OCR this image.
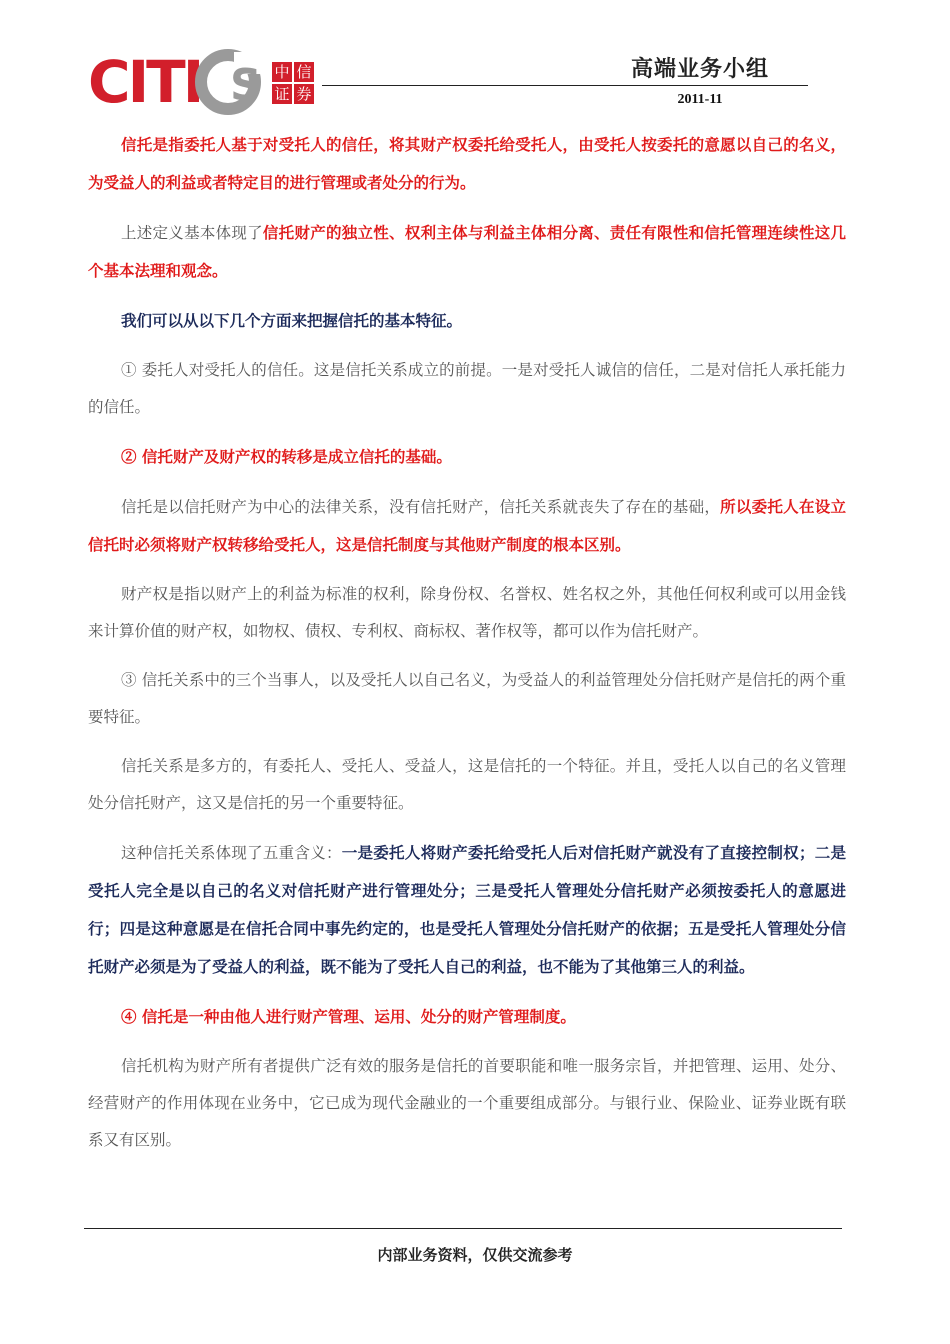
CITI S 中 信
证 券
高端业务小组
2011-11

信托是指委托人基于对受托人的信任，将其财产权委托给受托人，由受托人按委托的意愿以自己的名义，为受益人的利益或者特定目的进行管理或者处分的行为。

上述定义基本体现了信托财产的独立性、权利主体与利益主体相分离、责任有限性和信托管理连续性这几个基本法理和观念。

我们可以从以下几个方面来把握信托的基本特征。

① 委托人对受托人的信任。这是信托关系成立的前提。一是对受托人诚信的信任，二是对信托人承托能力的信任。

② 信托财产及财产权的转移是成立信托的基础。

信托是以信托财产为中心的法律关系，没有信托财产，信托关系就丧失了存在的基础，所以委托人在设立信托时必须将财产权转移给受托人，这是信托制度与其他财产制度的根本区别。

财产权是指以财产上的利益为标准的权利，除身份权、名誉权、姓名权之外，其他任何权利或可以用金钱来计算价值的财产权，如物权、债权、专利权、商标权、著作权等，都可以作为信托财产。

③ 信托关系中的三个当事人，以及受托人以自己名义，为受益人的利益管理处分信托财产是信托的两个重要特征。

信托关系是多方的，有委托人、受托人、受益人，这是信托的一个特征。并且，受托人以自己的名义管理处分信托财产，这又是信托的另一个重要特征。

这种信托关系体现了五重含义：一是委托人将财产委托给受托人后对信托财产就没有了直接控制权；二是受托人完全是以自己的名义对信托财产进行管理处分；三是受托人管理处分信托财产必须按委托人的意愿进行；四是这种意愿是在信托合同中事先约定的，也是受托人管理处分信托财产的依据；五是受托人管理处分信托财产必须是为了受益人的利益，既不能为了受托人自己的利益，也不能为了其他第三人的利益。

④ 信托是一种由他人进行财产管理、运用、处分的财产管理制度。

信托机构为财产所有者提供广泛有效的服务是信托的首要职能和唯一服务宗旨，并把管理、运用、处分、经营财产的作用体现在业务中，它已成为现代金融业的一个重要组成部分。与银行业、保险业、证券业既有联系又有区别。

内部业务资料，仅供交流参考
